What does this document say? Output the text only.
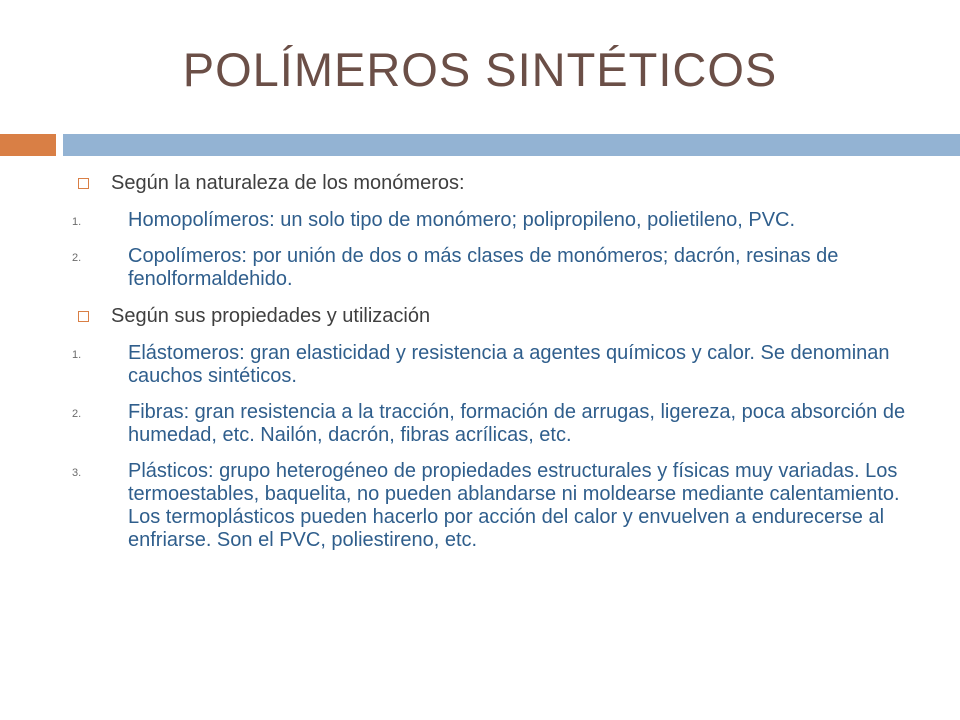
POLÍMEROS SINTÉTICOS
Según la naturaleza de los monómeros:
1.	Homopolímeros: un solo tipo de monómero; polipropileno, polietileno, PVC.
2.	Copolímeros: por unión de dos o más clases de monómeros; dacrón, resinas de fenolformaldehido.
Según sus propiedades y utilización
1.	Elástomeros: gran elasticidad y resistencia a agentes químicos y calor. Se denominan cauchos sintéticos.
2.	Fibras: gran resistencia a la tracción, formación de arrugas, ligereza, poca absorción de humedad, etc. Nailón, dacrón, fibras acrílicas, etc.
3.	Plásticos: grupo heterogéneo de propiedades estructurales y físicas muy variadas. Los termoestables, baquelita, no pueden ablandarse ni moldearse mediante calentamiento. Los termoplásticos pueden hacerlo por acción del calor y envuelven a endurecerse al enfriarse. Son el PVC, poliestireno, etc.
